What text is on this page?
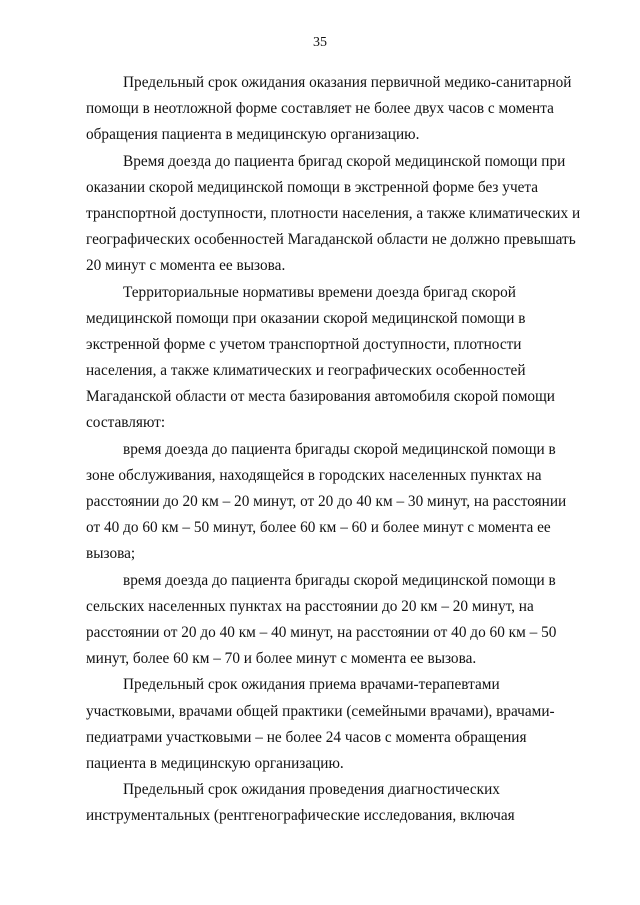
35
Предельный срок ожидания оказания первичной медико-санитарной
помощи в неотложной форме составляет не более двух часов с момента
обращения пациента в медицинскую организацию.
Время доезда до пациента бригад скорой медицинской помощи при
оказании скорой медицинской помощи в экстренной форме без учета
транспортной доступности, плотности населения, а также климатических и
географических особенностей Магаданской области не должно превышать
20 минут с момента ее вызова.
Территориальные нормативы времени доезда бригад скорой
медицинской помощи при оказании скорой медицинской помощи в
экстренной форме с учетом транспортной доступности, плотности
населения, а также климатических и географических особенностей
Магаданской области от места базирования автомобиля скорой помощи
составляют:
время доезда до пациента бригады скорой медицинской помощи в
зоне обслуживания, находящейся в городских населенных пунктах на
расстоянии до 20 км – 20 минут, от 20 до 40 км – 30 минут, на расстоянии
от 40 до 60 км – 50 минут, более 60 км – 60 и более минут с момента ее
вызова;
время доезда до пациента бригады скорой медицинской помощи в
сельских населенных пунктах на расстоянии до 20 км – 20 минут, на
расстоянии от 20 до 40 км – 40 минут, на расстоянии от 40 до 60 км – 50
минут, более 60 км – 70 и более минут с момента ее вызова.
Предельный срок ожидания приема врачами-терапевтами
участковыми, врачами общей практики (семейными врачами), врачами-
педиатрами участковыми – не более 24 часов с момента обращения
пациента в медицинскую организацию.
Предельный срок ожидания проведения диагностических
инструментальных (рентгенографические исследования, включая
